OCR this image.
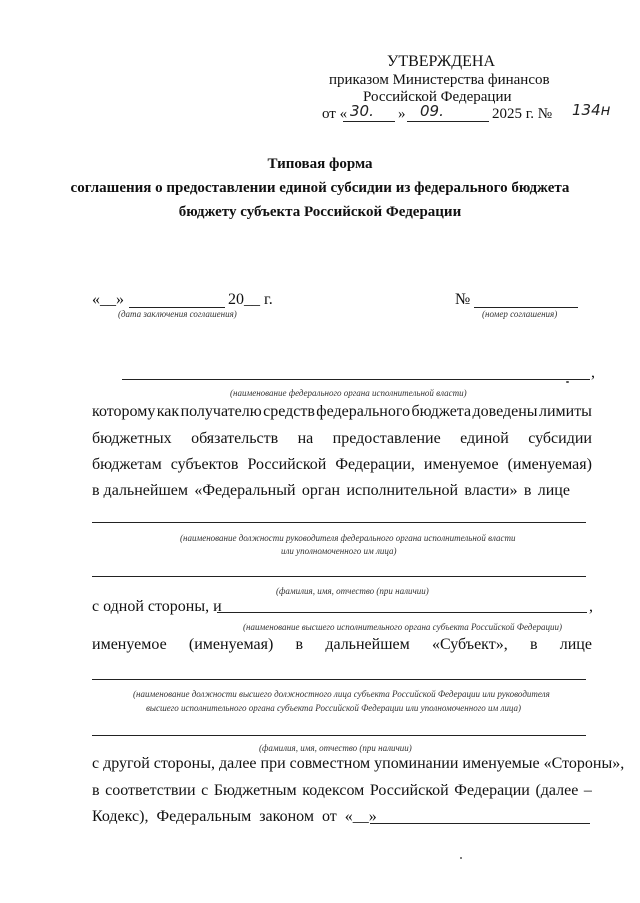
УТВЕРЖДЕНА
приказом Министерства финансов
Российской Федерации
от « 30. » 09.	2025 г. № 134н
Типовая форма
соглашения о предоставлении единой субсидии из федерального бюджета
бюджету субъекта Российской Федерации
«__»	20__ г.
(дата заключения соглашения)
№
(номер соглашения)
,
(наименование федерального органа исполнительной власти)
которому как получателю средств федерального бюджета доведены лимиты
бюджетных обязательств на предоставление единой субсидии
бюджетам субъектов Российской Федерации, именуемое (именуемая)
в дальнейшем «Федеральный орган исполнительной власти» в лице
(наименование должности руководителя федерального органа исполнительной власти
или уполномоченного им лица)
(фамилия, имя, отчество (при наличии)
с одной стороны, и	,
(наименование высшего исполнительного органа субъекта Российской Федерации)
именуемое (именуемая) в дальнейшем «Субъект», в лице
(наименование должности высшего должностного лица субъекта Российской Федерации или руководителя
высшего исполнительного органа субъекта Российской Федерации или уполномоченного им лица)
(фамилия, имя, отчество (при наличии)
с другой стороны, далее при совместном упоминании именуемые «Стороны»,
в соответствии с Бюджетным кодексом Российской Федерации (далее –
Кодекс), Федеральным законом от «__»
